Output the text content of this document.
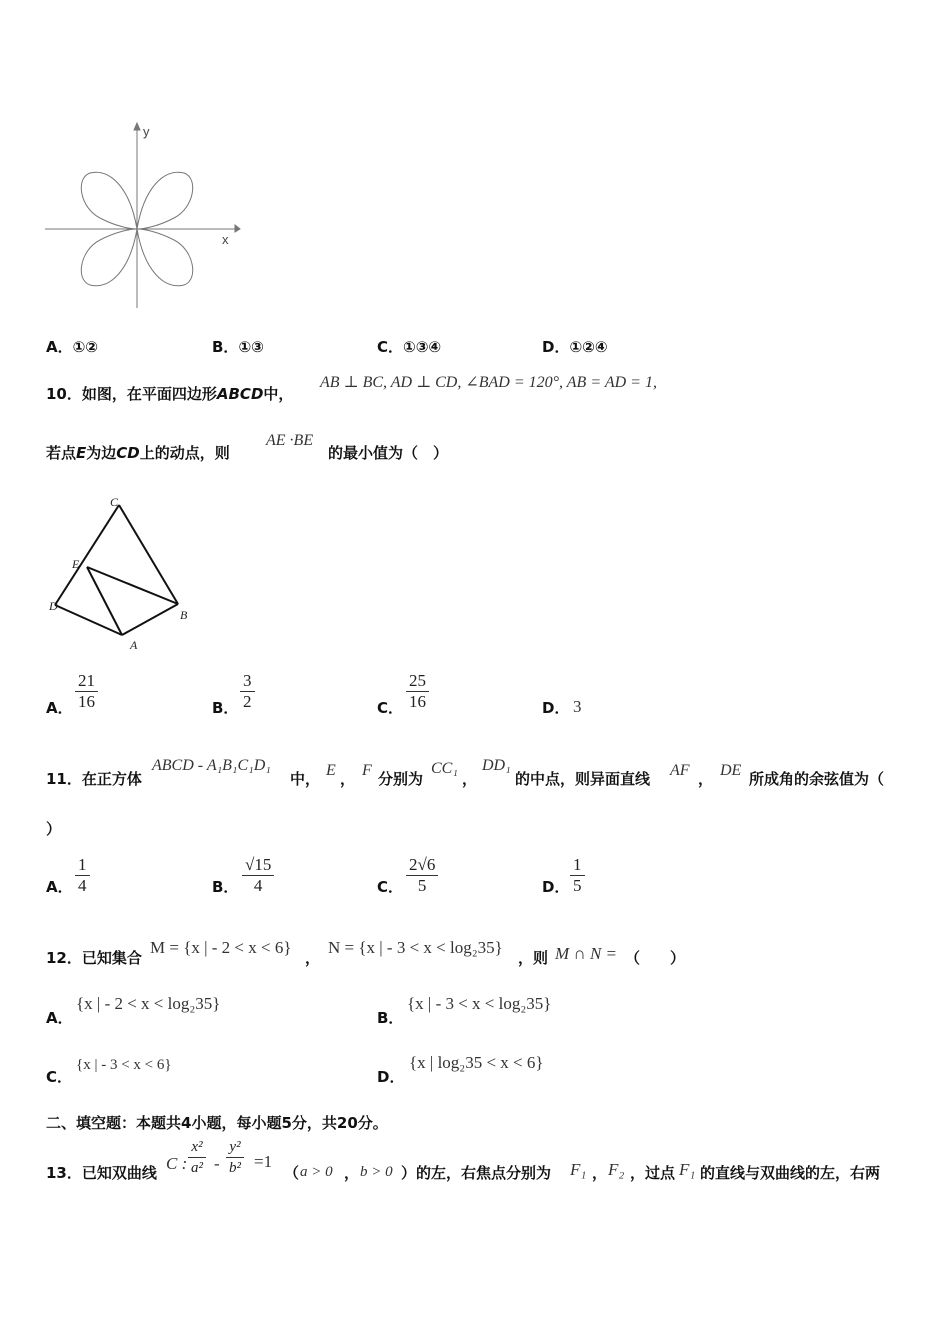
y
x
A．①②	B．①③	C．①③④	D．①②④
10．如图，在平面四边形ABCD中，
AB ⊥ BC, AD ⊥ CD, ∠BAD = 120°, AB = AD = 1,
若点E为边CD上的动点，则
AE ·BE
的最小值为（　）
C
E
D
B
A
A．
21
16	B．
3
2	C．
25
16	D． 3
11．在正方体
ABCD - A₁B₁C₁D₁
中， E ， F 分别为
CC₁
，
DD₁
的中点，则异面直线 AF ， DE 所成角的余弦值为（
）
A．
1
4	B．
√15
4	C．
2√6
5	D．
1
5
12．已知集合
M = {x | - 2 < x < 6}
，
N = {x | - 3 < x < log₂35}
，则 M ∩ N = （　　）
A．
{x | - 2 < x < log₂35}
B．
{x | - 3 < x < log₂35}
C．
{x | - 3 < x < 6}
D．
{x | log₂35 < x < 6}
二、填空题：本题共4小题，每小题5分，共20分。
13．已知双曲线 C :
x²
a² -
y²
b² =1
（ a > 0 ， b > 0 ）的左，右焦点分别为 F₁ ， F₂ ，过点 F₁ 的直线与双曲线的左，右两
